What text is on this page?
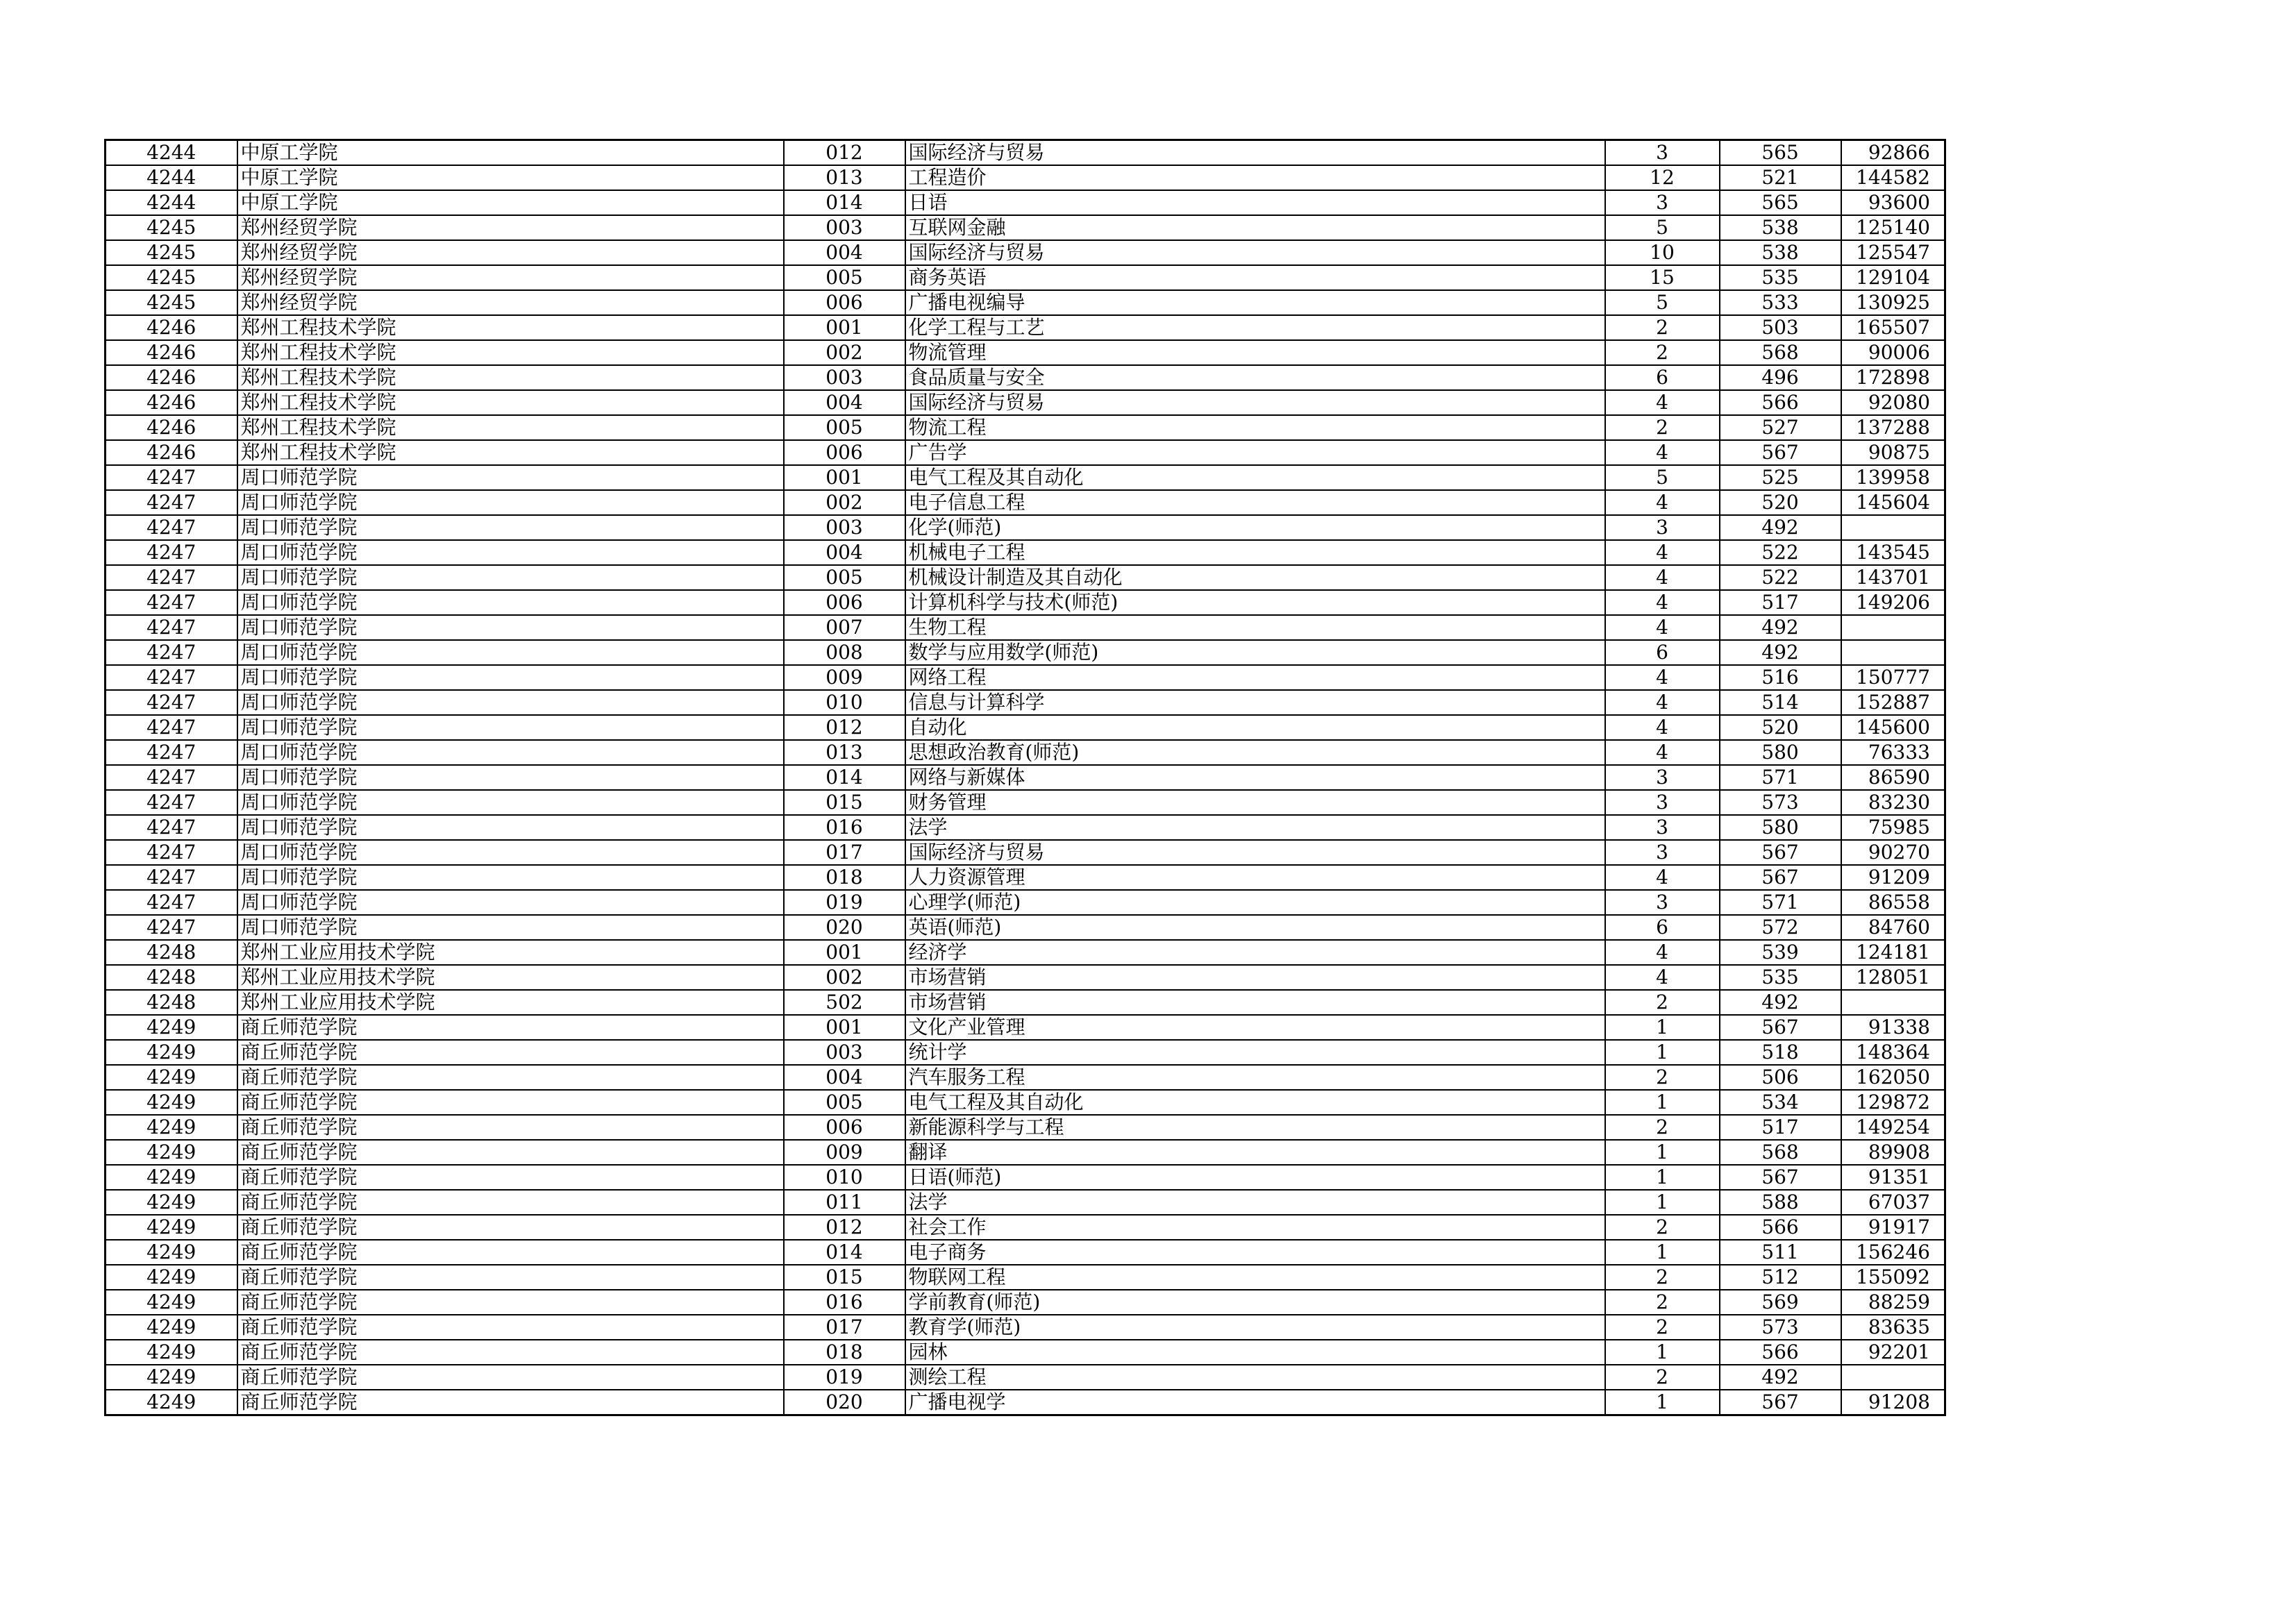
4244	中原工学院	012	国际经济与贸易	3	565	92866
4244	中原工学院	013	工程造价	12	521	144582
4244	中原工学院	014	日语	3	565	93600
4245	郑州经贸学院	003	互联网金融	5	538	125140
4245	郑州经贸学院	004	国际经济与贸易	10	538	125547
4245	郑州经贸学院	005	商务英语	15	535	129104
4245	郑州经贸学院	006	广播电视编导	5	533	130925
4246	郑州工程技术学院	001	化学工程与工艺	2	503	165507
4246	郑州工程技术学院	002	物流管理	2	568	90006
4246	郑州工程技术学院	003	食品质量与安全	6	496	172898
4246	郑州工程技术学院	004	国际经济与贸易	4	566	92080
4246	郑州工程技术学院	005	物流工程	2	527	137288
4246	郑州工程技术学院	006	广告学	4	567	90875
4247	周口师范学院	001	电气工程及其自动化	5	525	139958
4247	周口师范学院	002	电子信息工程	4	520	145604
4247	周口师范学院	003	化学(师范)	3	492	
4247	周口师范学院	004	机械电子工程	4	522	143545
4247	周口师范学院	005	机械设计制造及其自动化	4	522	143701
4247	周口师范学院	006	计算机科学与技术(师范)	4	517	149206
4247	周口师范学院	007	生物工程	4	492	
4247	周口师范学院	008	数学与应用数学(师范)	6	492	
4247	周口师范学院	009	网络工程	4	516	150777
4247	周口师范学院	010	信息与计算科学	4	514	152887
4247	周口师范学院	012	自动化	4	520	145600
4247	周口师范学院	013	思想政治教育(师范)	4	580	76333
4247	周口师范学院	014	网络与新媒体	3	571	86590
4247	周口师范学院	015	财务管理	3	573	83230
4247	周口师范学院	016	法学	3	580	75985
4247	周口师范学院	017	国际经济与贸易	3	567	90270
4247	周口师范学院	018	人力资源管理	4	567	91209
4247	周口师范学院	019	心理学(师范)	3	571	86558
4247	周口师范学院	020	英语(师范)	6	572	84760
4248	郑州工业应用技术学院	001	经济学	4	539	124181
4248	郑州工业应用技术学院	002	市场营销	4	535	128051
4248	郑州工业应用技术学院	502	市场营销	2	492	
4249	商丘师范学院	001	文化产业管理	1	567	91338
4249	商丘师范学院	003	统计学	1	518	148364
4249	商丘师范学院	004	汽车服务工程	2	506	162050
4249	商丘师范学院	005	电气工程及其自动化	1	534	129872
4249	商丘师范学院	006	新能源科学与工程	2	517	149254
4249	商丘师范学院	009	翻译	1	568	89908
4249	商丘师范学院	010	日语(师范)	1	567	91351
4249	商丘师范学院	011	法学	1	588	67037
4249	商丘师范学院	012	社会工作	2	566	91917
4249	商丘师范学院	014	电子商务	1	511	156246
4249	商丘师范学院	015	物联网工程	2	512	155092
4249	商丘师范学院	016	学前教育(师范)	2	569	88259
4249	商丘师范学院	017	教育学(师范)	2	573	83635
4249	商丘师范学院	018	园林	1	566	92201
4249	商丘师范学院	019	测绘工程	2	492	
4249	商丘师范学院	020	广播电视学	1	567	91208
